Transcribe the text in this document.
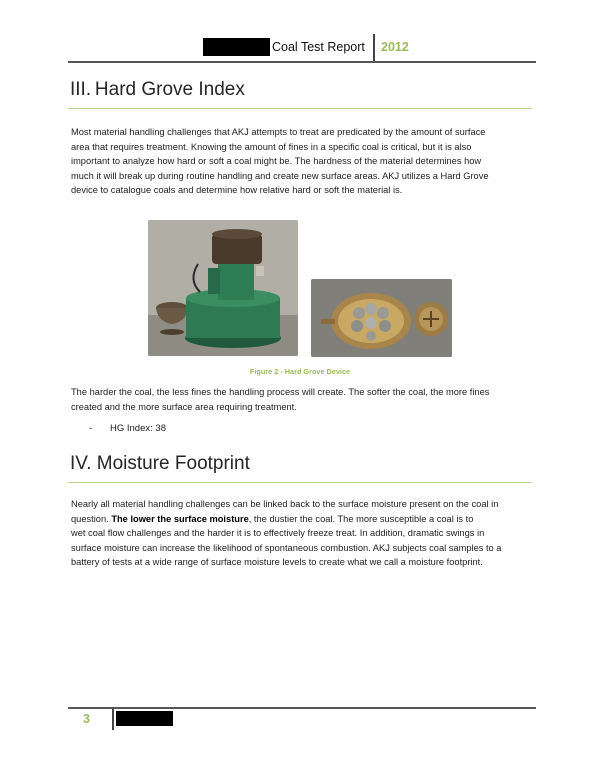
Coal Test Report 2012
III. Hard Grove Index
Most material handling challenges that AKJ attempts to treat are predicated by the amount of surface
area that requires treatment. Knowing the amount of fines in a specific coal is critical, but it is also
important to analyze how hard or soft a coal might be. The hardness of the material determines how
much it will break up during routine handling and create new surface areas. AKJ utilizes a Hard Grove
device to catalogue coals and determine how relative hard or soft the material is.
Figure 2 - Hard Grove Device
The harder the coal, the less fines the handling process will create. The softer the coal, the more fines
created and the more surface area requiring treatment.
- HG Index: 38
IV. Moisture Footprint
Nearly all material handling challenges can be linked back to the surface moisture present on the coal in
question. The lower the surface moisture, the dustier the coal. The more susceptible a coal is to
wet coal flow challenges and the harder it is to effectively freeze treat. In addition, dramatic swings in
surface moisture can increase the likelihood of spontaneous combustion. AKJ subjects coal samples to a
battery of tests at a wide range of surface moisture levels to create what we call a moisture footprint.
3
